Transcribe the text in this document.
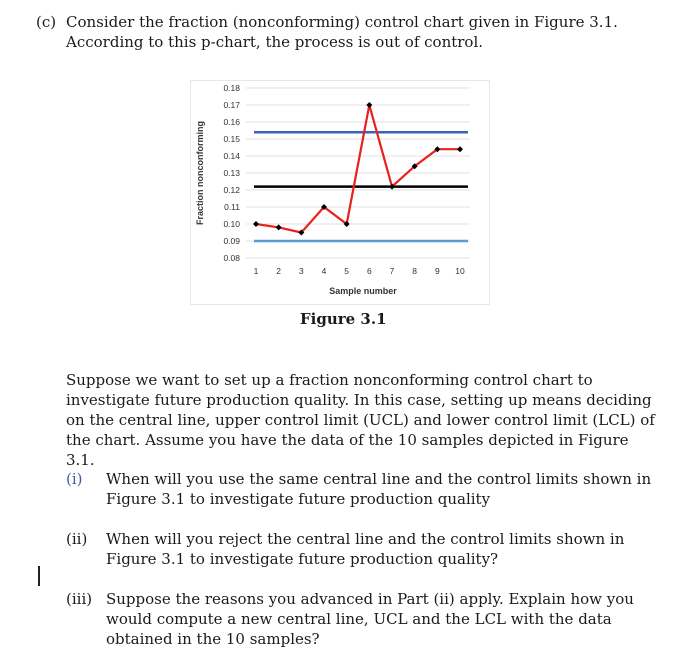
(c) Consider the fraction (nonconforming) control chart given in Figure 3.1.
According to this p-chart, the process is out of control.
0.18
0.17
0.16
0.15
0.14
0.13
0.12
0.11
0.10
0.09
0.08
1 2 3 4 5 6 7 8 9 10
Sample number
Fraction nonconforming
Figure 3.1
Suppose we want to set up a fraction nonconforming control chart to investigate future production quality. In this case, setting up means deciding on the central line, upper control limit (UCL) and lower control limit (LCL) of the chart. Assume you have the data of the 10 samples depicted in Figure 3.1.
(i) When will you use the same central line and the control limits shown in Figure 3.1 to investigate future production quality
(ii) When will you reject the central line and the control limits shown in Figure 3.1 to investigate future production quality?
(iii) Suppose the reasons you advanced in Part (ii) apply. Explain how you would compute a new central line, UCL and the LCL with the data obtained in the 10 samples?
